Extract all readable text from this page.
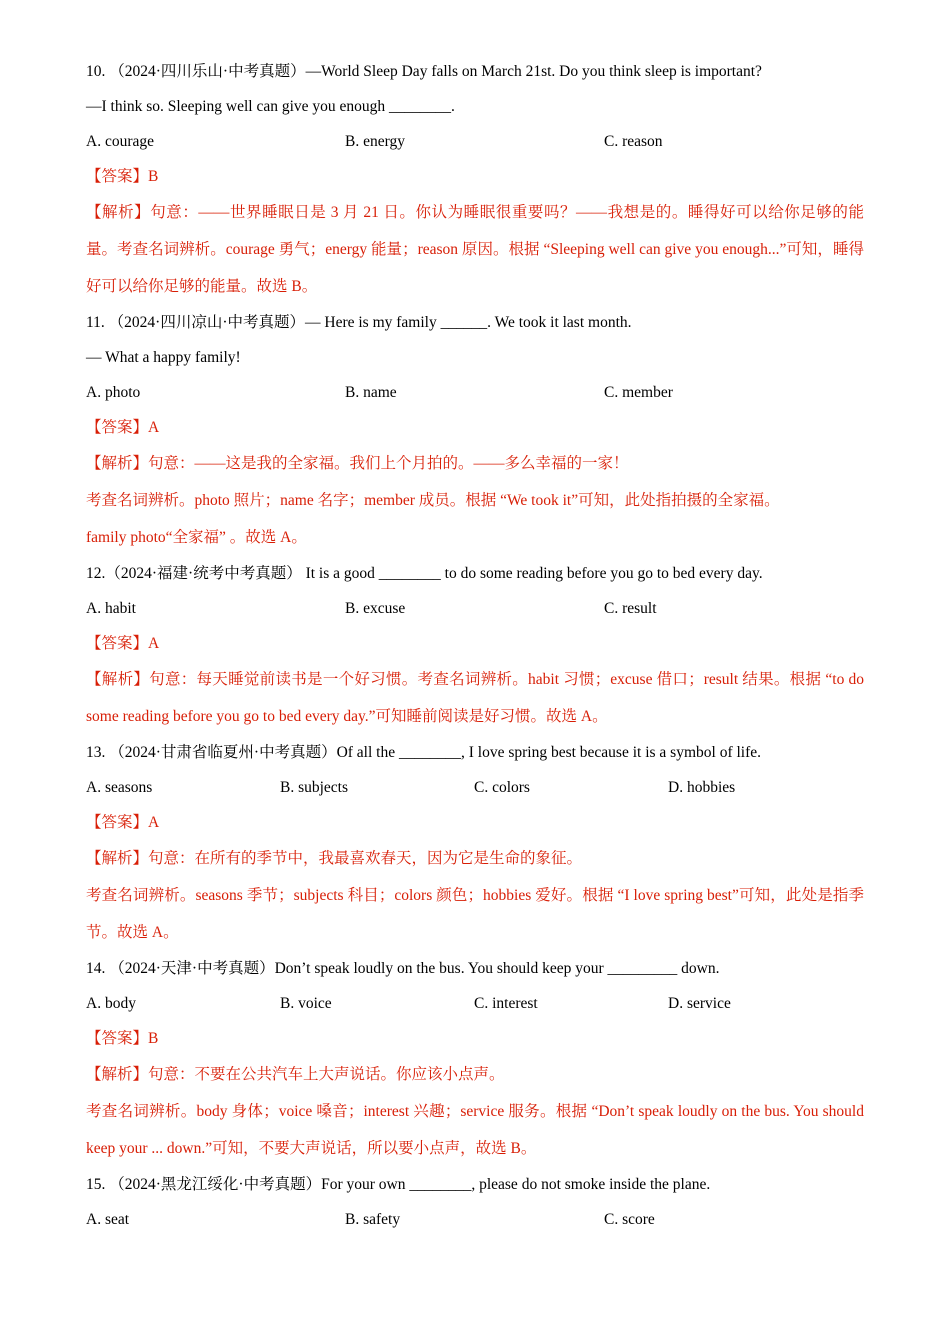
10. （2024·四川乐山·中考真题）—World Sleep Day falls on March 21st. Do you think sleep is important?
—I think so. Sleeping well can give you enough ________.
A. courage	B. energy	C. reason
【答案】B

【解析】句意：——世界睡眠日是 3 月 21 日。你认为睡眠很重要吗？——我想是的。睡得好可以给你足够的能量。考查名词辨析。courage 勇气；energy 能量；reason 原因。根据 “Sleeping well can give you enough...”可知，睡得好可以给你足够的能量。故选 B。

11. （2024·四川凉山·中考真题）— Here is my family ______. We took it last month.
— What a happy family!
A. photo	B. name	C. member
【答案】A

【解析】句意：——这是我的全家福。我们上个月拍的。——多么幸福的一家！

考查名词辨析。photo 照片；name 名字；member 成员。根据 “We took it”可知，此处指拍摄的全家福。

family photo“全家福” 。故选 A。

12.（2024·福建·统考中考真题） It is a good ________ to do some reading before you go to bed every day.
A. habit	B. excuse	C. result
【答案】A

【解析】句意：每天睡觉前读书是一个好习惯。考查名词辨析。habit 习惯；excuse 借口；result 结果。根据 “to do some reading before you go to bed every day.”可知睡前阅读是好习惯。故选 A。

13. （2024·甘肃省临夏州·中考真题）Of all the ________, I love spring best because it is a symbol of life.
A. seasons	B. subjects	C. colors	D. hobbies
【答案】A

【解析】句意：在所有的季节中，我最喜欢春天，因为它是生命的象征。

考查名词辨析。seasons 季节；subjects 科目；colors 颜色；hobbies 爱好。根据 “I love spring best”可知，此处是指季节。故选 A。

14. （2024·天津·中考真题）Don’t speak loudly on the bus. You should keep your _________ down.
A. body	B. voice	C. interest	D. service
【答案】B

【解析】句意：不要在公共汽车上大声说话。你应该小点声。

考查名词辨析。body 身体；voice 嗓音；interest 兴趣；service 服务。根据 “Don’t speak loudly on the bus. You should keep your ... down.”可知，不要大声说话，所以要小点声，故选 B。

15. （2024·黑龙江绥化·中考真题）For your own ________, please do not smoke inside the plane.
A. seat	B. safety	C. score
